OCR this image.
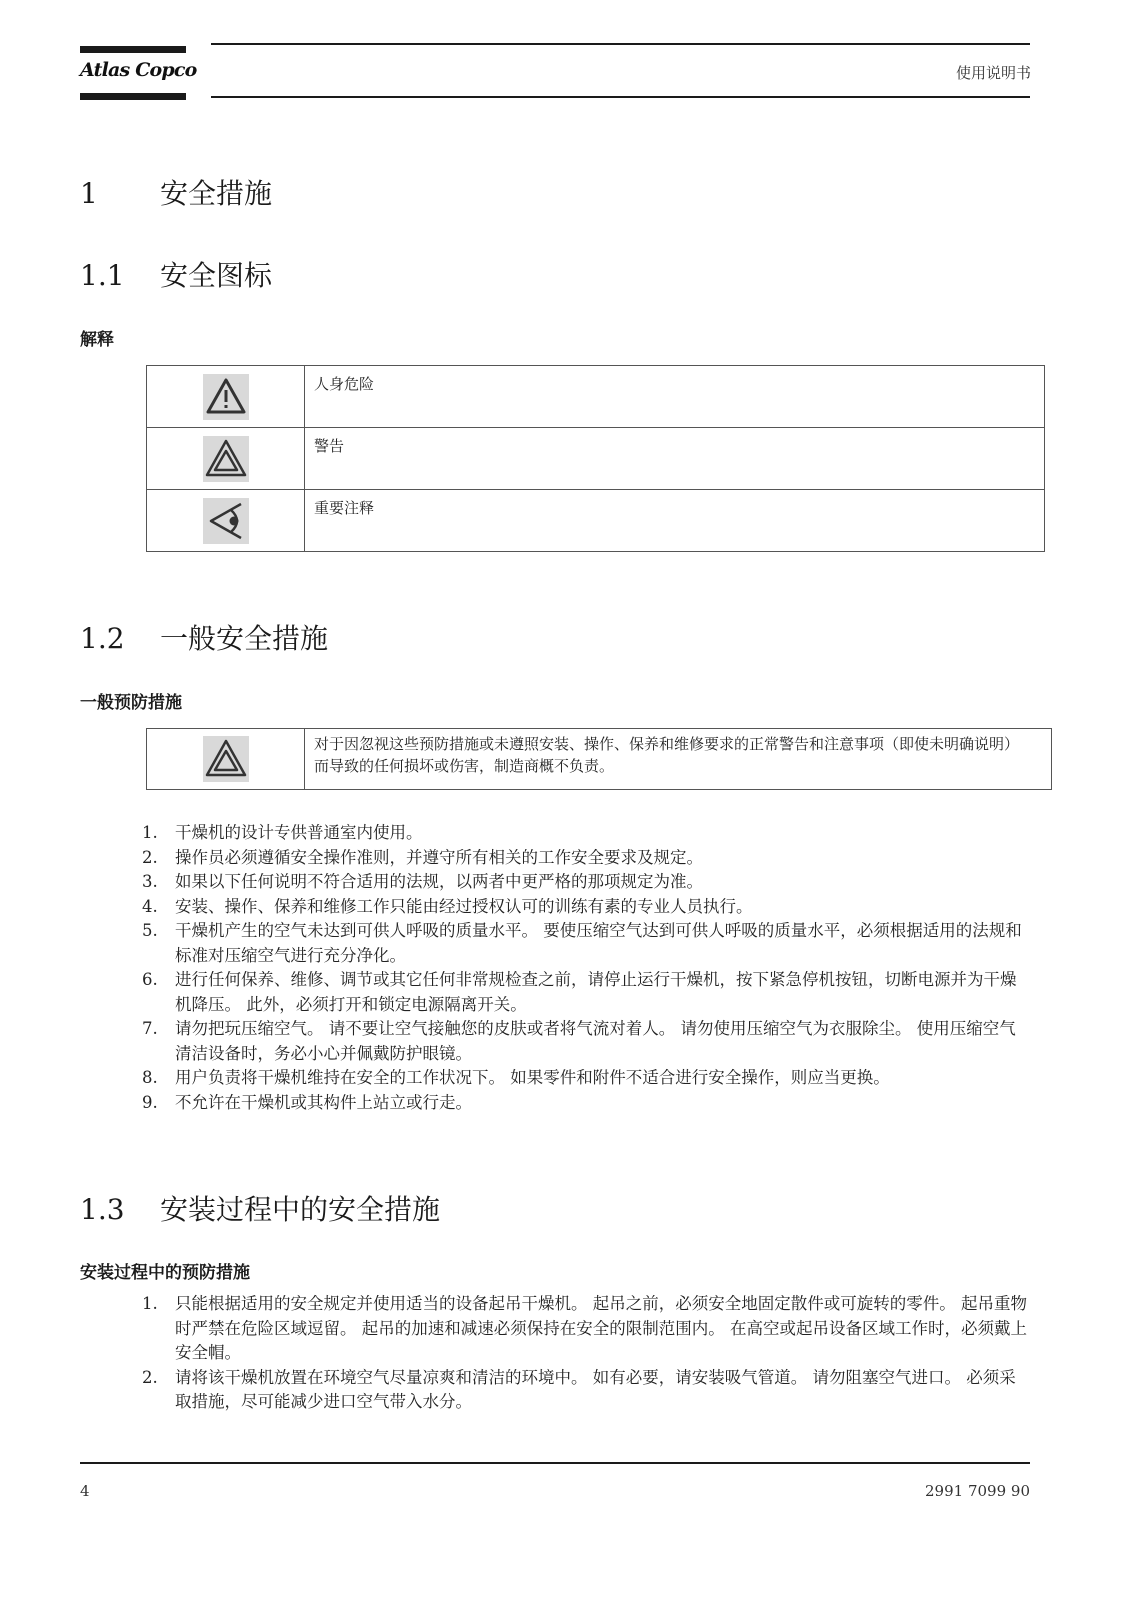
Atlas Copco	使用说明书
1 安全措施
1.1 安全图标
解释
	人身危险

	警告

	重要注释
1.2 一般安全措施
一般预防措施
	对于因忽视这些预防措施或未遵照安装、操作、保养和维修要求的正常警告和注意事项（即使未明确说明）而导致的任何损坏或伤害，制造商概不负责。
1.	干燥机的设计专供普通室内使用。
2.	操作员必须遵循安全操作准则，并遵守所有相关的工作安全要求及规定。
3.	如果以下任何说明不符合适用的法规，以两者中更严格的那项规定为准。
4.	安装、操作、保养和维修工作只能由经过授权认可的训练有素的专业人员执行。
5.	干燥机产生的空气未达到可供人呼吸的质量水平。 要使压缩空气达到可供人呼吸的质量水平，必须根据适用的法规和标准对压缩空气进行充分净化。
6.	进行任何保养、维修、调节或其它任何非常规检查之前，请停止运行干燥机，按下紧急停机按钮，切断电源并为干燥机降压。 此外，必须打开和锁定电源隔离开关。
7.	请勿把玩压缩空气。 请不要让空气接触您的皮肤或者将气流对着人。 请勿使用压缩空气为衣服除尘。 使用压缩空气清洁设备时，务必小心并佩戴防护眼镜。
8.	用户负责将干燥机维持在安全的工作状况下。 如果零件和附件不适合进行安全操作，则应当更换。
9.	不允许在干燥机或其构件上站立或行走。
1.3 安装过程中的安全措施
安装过程中的预防措施
1.	只能根据适用的安全规定并使用适当的设备起吊干燥机。 起吊之前，必须安全地固定散件或可旋转的零件。 起吊重物时严禁在危险区域逗留。 起吊的加速和减速必须保持在安全的限制范围内。 在高空或起吊设备区域工作时，必须戴上安全帽。
2.	请将该干燥机放置在环境空气尽量凉爽和清洁的环境中。 如有必要，请安装吸气管道。 请勿阻塞空气进口。 必须采取措施，尽可能减少进口空气带入水分。
4	2991 7099 90
